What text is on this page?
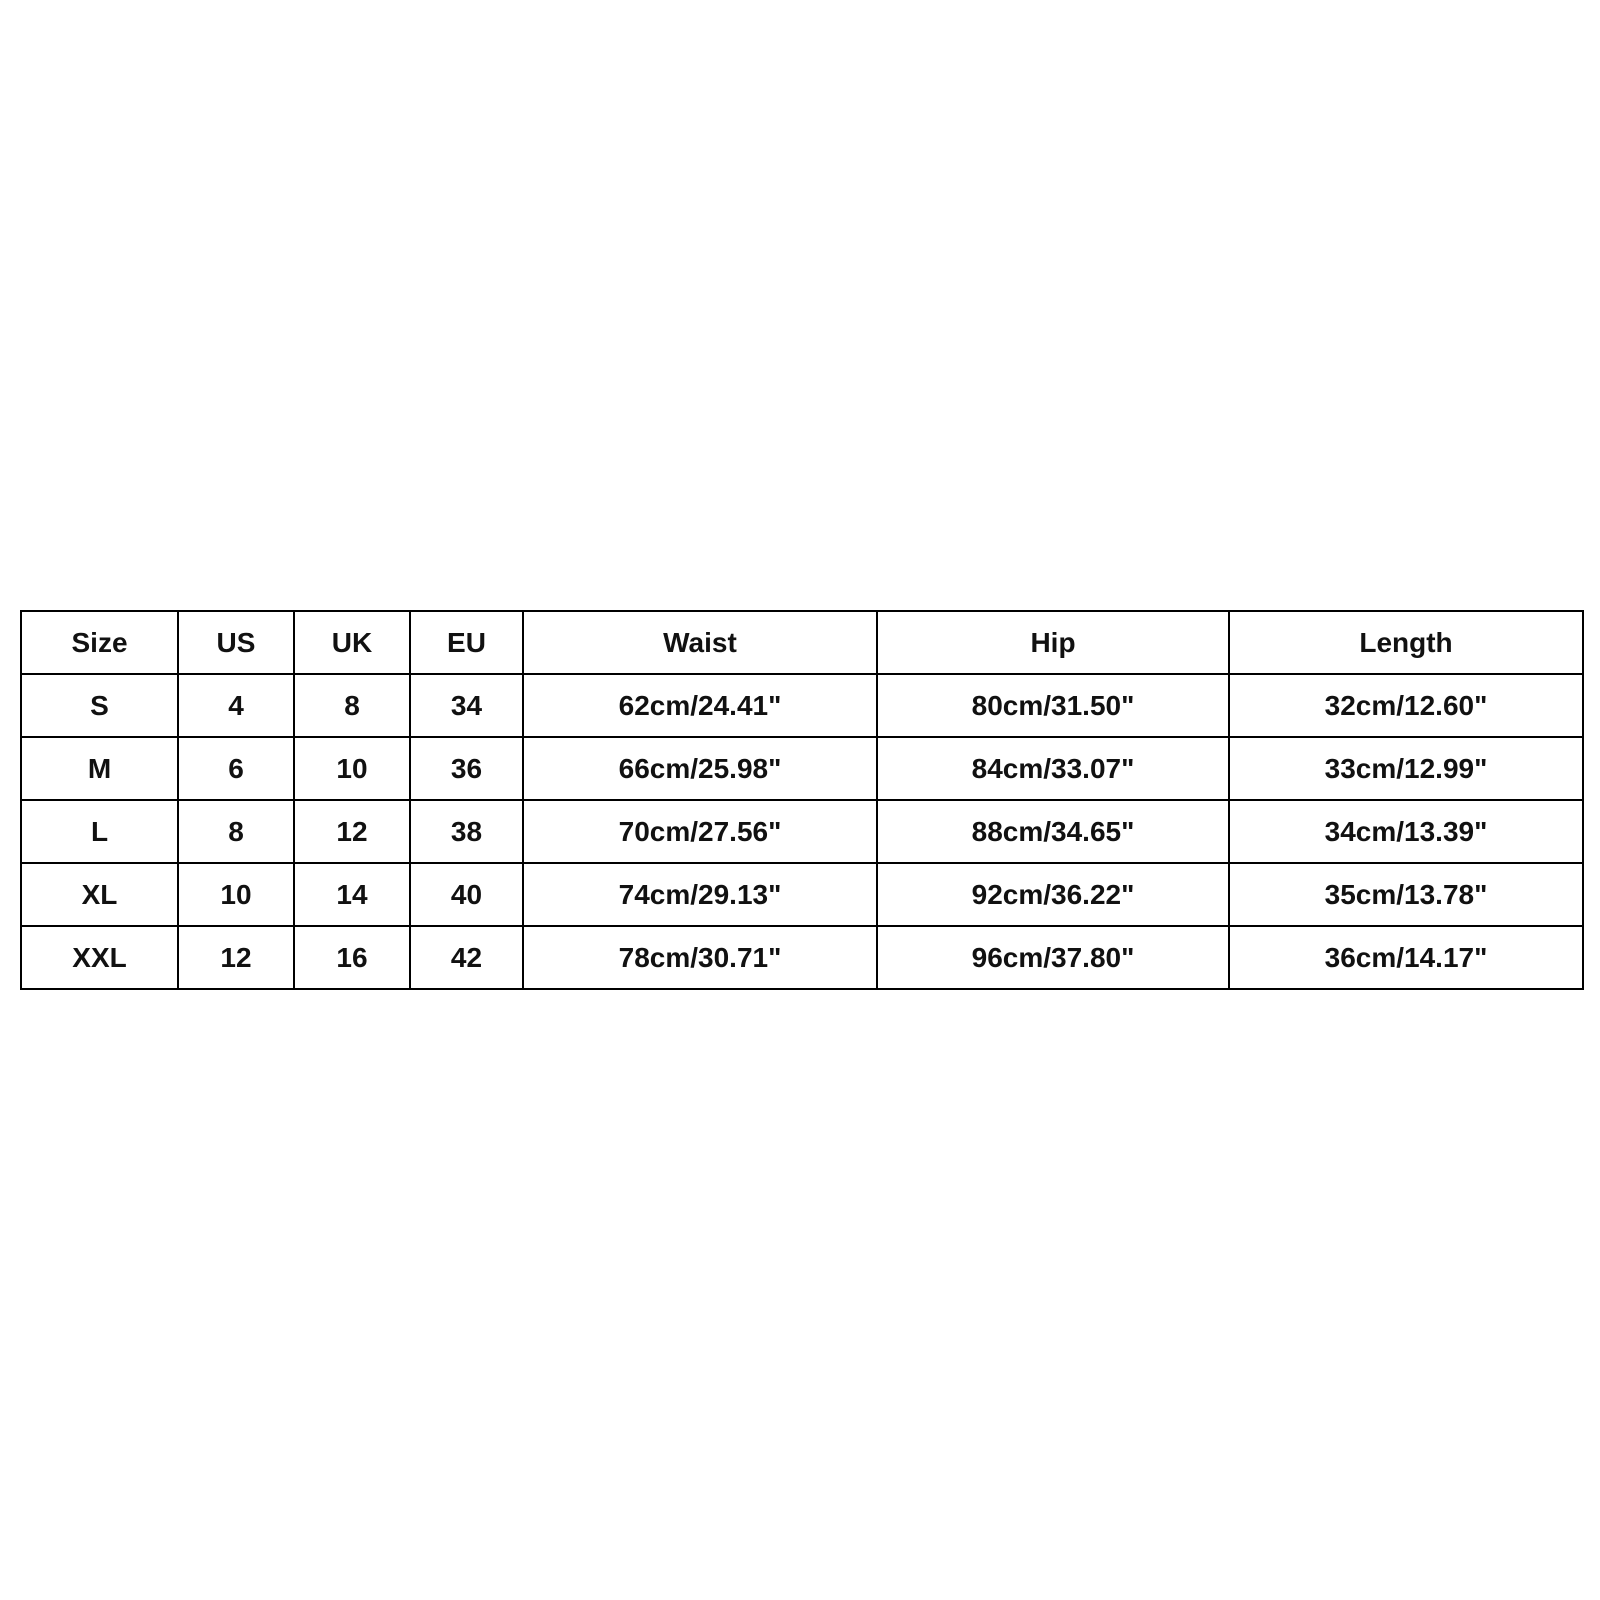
Size	US	UK	EU	Waist	Hip	Length
S	4	8	34	62cm/24.41"	80cm/31.50"	32cm/12.60"
M	6	10	36	66cm/25.98"	84cm/33.07"	33cm/12.99"
L	8	12	38	70cm/27.56"	88cm/34.65"	34cm/13.39"
XL	10	14	40	74cm/29.13"	92cm/36.22"	35cm/13.78"
XXL	12	16	42	78cm/30.71"	96cm/37.80"	36cm/14.17"
